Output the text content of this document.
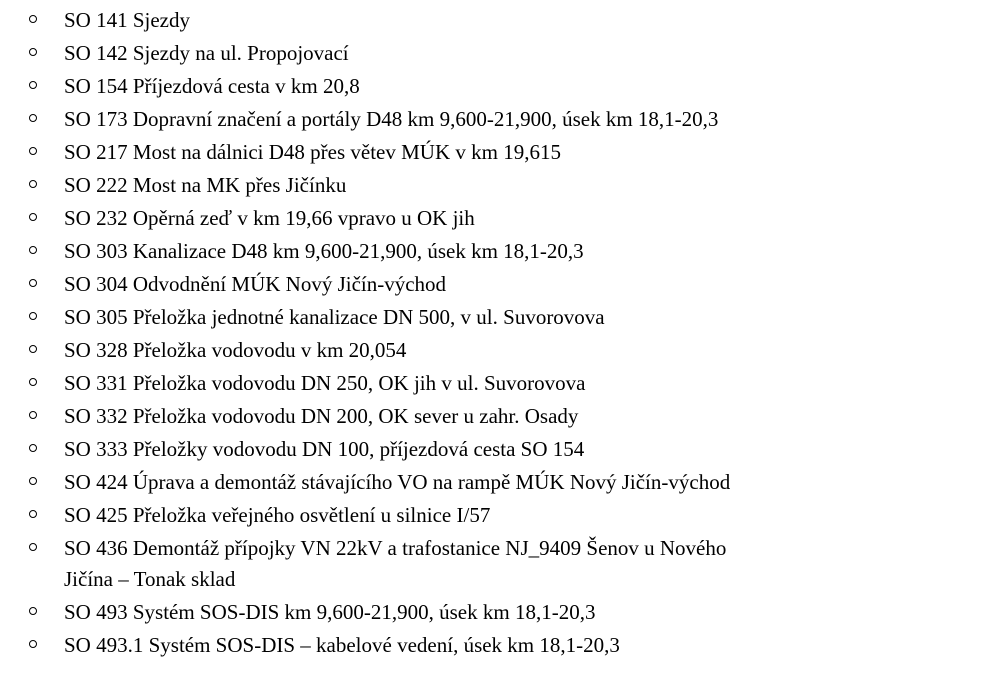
SO 141 Sjezdy
SO 142 Sjezdy na ul. Propojovací
SO 154 Příjezdová cesta v km 20,8
SO 173 Dopravní značení a portály D48 km 9,600-21,900, úsek km 18,1-20,3
SO 217 Most na dálnici D48 přes větev MÚK v km 19,615
SO 222 Most na MK přes Jičínku
SO 232 Opěrná zeď v km 19,66 vpravo u OK jih
SO 303 Kanalizace D48 km 9,600-21,900, úsek km 18,1-20,3
SO 304 Odvodnění MÚK Nový Jičín-východ
SO 305 Přeložka jednotné kanalizace DN 500, v ul. Suvorovova
SO 328 Přeložka vodovodu v km 20,054
SO 331 Přeložka vodovodu DN 250, OK jih v ul. Suvorovova
SO 332 Přeložka vodovodu DN 200, OK sever u zahr. Osady
SO 333 Přeložky vodovodu DN 100, příjezdová cesta SO 154
SO 424 Úprava a demontáž stávajícího VO na rampě MÚK Nový Jičín-východ
SO 425 Přeložka veřejného osvětlení u silnice I/57
SO 436 Demontáž přípojky VN 22kV a trafostanice NJ_9409 Šenov u Nového
Jičína – Tonak sklad
SO 493 Systém SOS-DIS km 9,600-21,900, úsek km 18,1-20,3
SO 493.1 Systém SOS-DIS – kabelové vedení, úsek km 18,1-20,3
